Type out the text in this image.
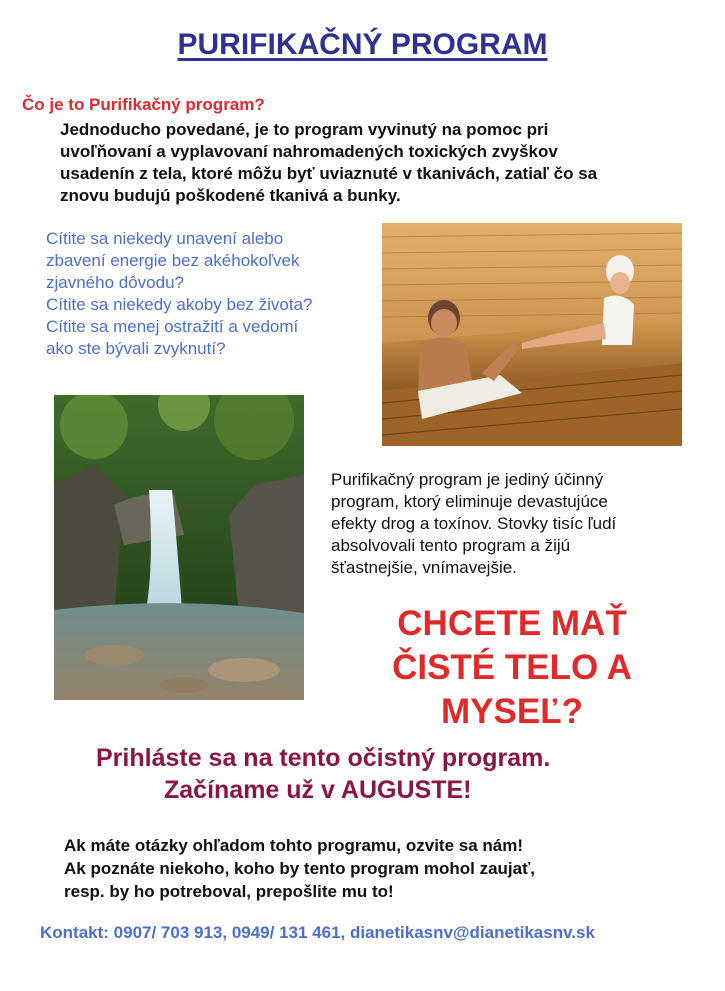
PURIFIKAČNÝ PROGRAM
Čo je to Purifikačný program?
Jednoducho povedané, je to program vyvinutý na pomoc pri
uvoľňovaní a vyplavovaní nahromadených toxických zvyškov
usadenín z tela, ktoré môžu byť uviaznuté v tkanivách, zatiaľ čo sa
znovu budujú poškodené tkanivá a bunky.
Cítite sa niekedy unavení alebo
zbavení energie bez akéhokoľvek
zjavného dôvodu?
Cítite sa niekedy akoby bez života?
Cítite sa menej ostražití a vedomí
ako ste bývali zvyknutí?
Purifikačný program je jediný účinný
program, ktorý eliminuje devastujúce
efekty drog a toxínov. Stovky tisíc ľudí
absolvovali tento program a žijú
šťastnejšie, vnímavejšie.
CHCETE MAŤ
ČISTÉ TELO A
MYSEĽ?
Prihláste sa na tento očistný program.
Začíname už v AUGUSTE!
Ak máte otázky ohľadom tohto programu, ozvite sa nám!
Ak poznáte niekoho, koho by tento program mohol zaujať,
resp. by ho potreboval, prepošlite mu to!
Kontakt: 0907/ 703 913, 0949/ 131 461, dianetikasnv@dianetikasnv.sk
